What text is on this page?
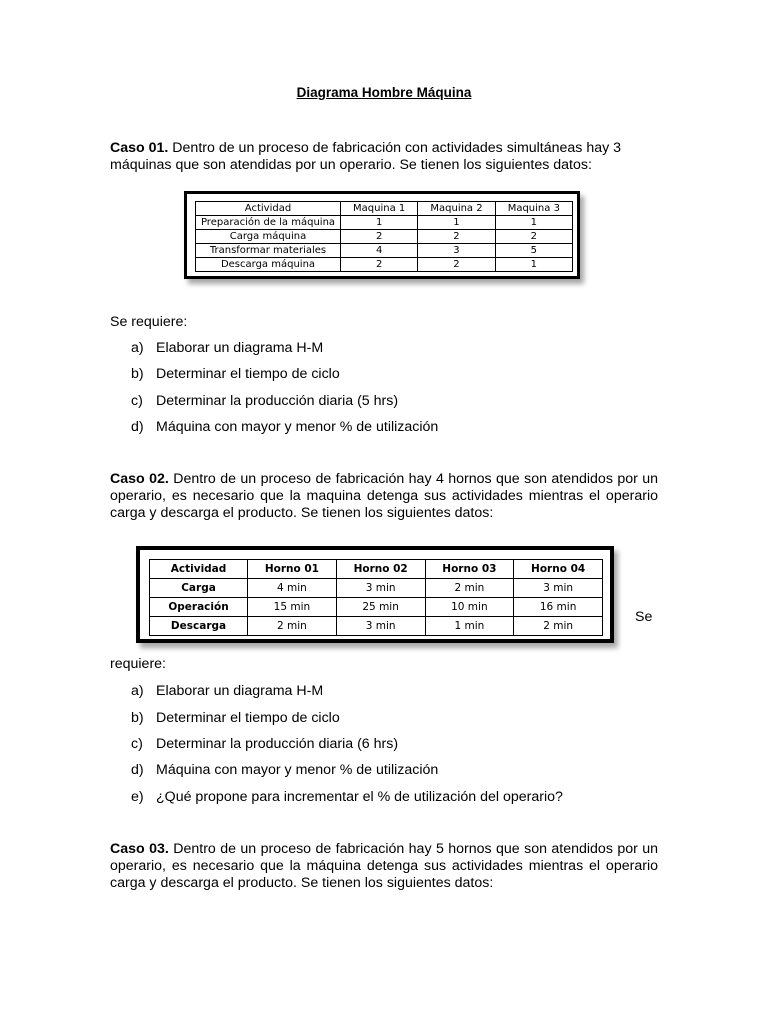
Diagrama Hombre Máquina
Caso 01. Dentro de un proceso de fabricación con actividades simultáneas hay 3 máquinas que son atendidas por un operario. Se tienen los siguientes datos:
Actividad	Maquina 1	Maquina 2	Maquina 3
Preparación de la máquina	1	1	1
Carga máquina	2	2	2
Transformar materiales	4	3	5
Descarga máquina	2	2	1
Se requiere:
a) Elaborar un diagrama H-M
b) Determinar el tiempo de ciclo
c) Determinar la producción diaria (5 hrs)
d) Máquina con mayor y menor % de utilización
Caso 02. Dentro de un proceso de fabricación hay 4 hornos que son atendidos por un operario, es necesario que la maquina detenga sus actividades mientras el operario carga y descarga el producto. Se tienen los siguientes datos:
Actividad	Horno 01	Horno 02	Horno 03	Horno 04
Carga	4 min	3 min	2 min	3 min
Operación	15 min	25 min	10 min	16 min
Descarga	2 min	3 min	1 min	2 min
Se
requiere:
a) Elaborar un diagrama H-M
b) Determinar el tiempo de ciclo
c) Determinar la producción diaria (6 hrs)
d) Máquina con mayor y menor % de utilización
e) ¿Qué propone para incrementar el % de utilización del operario?
Caso 03. Dentro de un proceso de fabricación hay 5 hornos que son atendidos por un operario, es necesario que la máquina detenga sus actividades mientras el operario carga y descarga el producto. Se tienen los siguientes datos:
